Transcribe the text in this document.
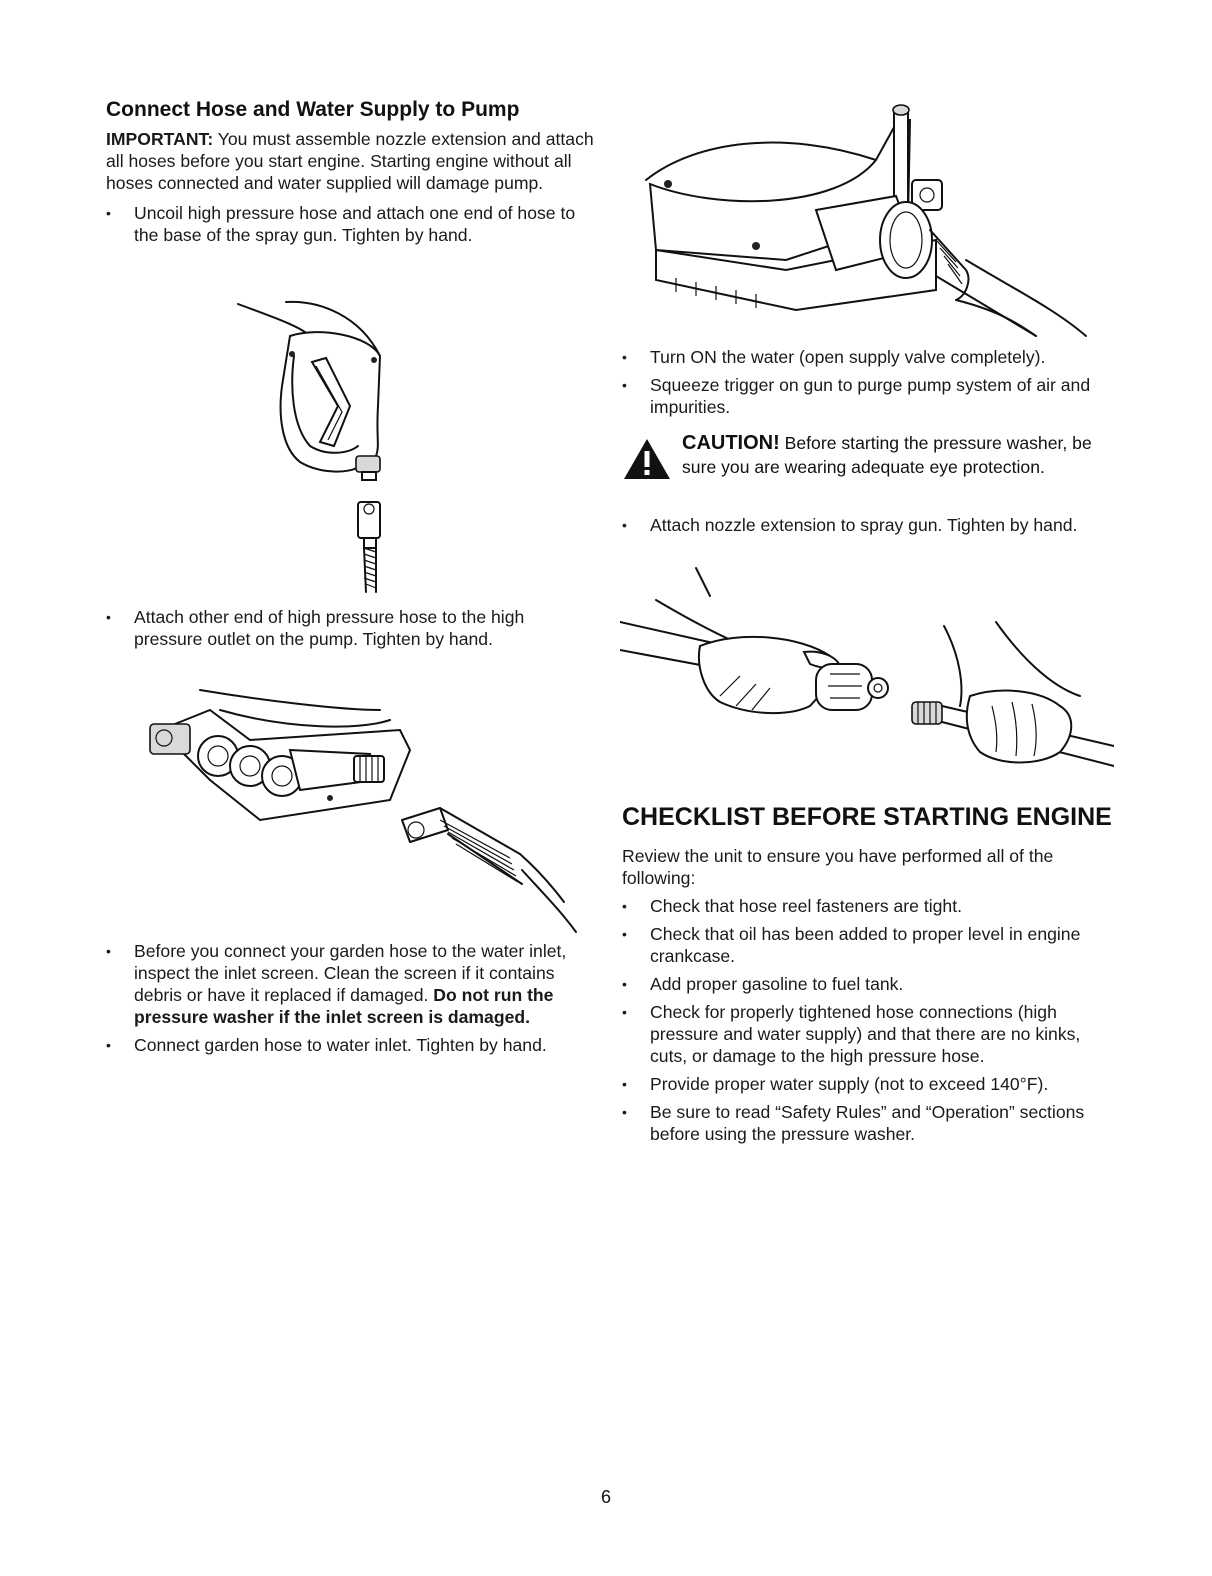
Connect Hose and Water Supply to Pump

IMPORTANT: You must assemble nozzle extension and attach all hoses before you start engine. Starting engine without all hoses connected and water supplied will damage pump.

• Uncoil high pressure hose and attach one end of hose to the base of the spray gun. Tighten by hand.
• Attach other end of high pressure hose to the high pressure outlet on the pump. Tighten by hand.
• Before you connect your garden hose to the water inlet, inspect the inlet screen. Clean the screen if it contains debris or have it replaced if damaged. Do not run the pressure washer if the inlet screen is damaged.
• Connect garden hose to water inlet. Tighten by hand.
• Turn ON the water (open supply valve completely).
• Squeeze trigger on gun to purge pump system of air and impurities.
CAUTION! Before starting the pressure washer, be sure you are wearing adequate eye protection.
• Attach nozzle extension to spray gun. Tighten by hand.
CHECKLIST BEFORE STARTING ENGINE

Review the unit to ensure you have performed all of the following:

• Check that hose reel fasteners are tight.
• Check that oil has been added to proper level in engine crankcase.
• Add proper gasoline to fuel tank.
• Check for properly tightened hose connections (high pressure and water supply) and that there are no kinks, cuts, or damage to the high pressure hose.
• Provide proper water supply (not to exceed 140°F).
• Be sure to read “Safety Rules” and “Operation” sections before using the pressure washer.
6
